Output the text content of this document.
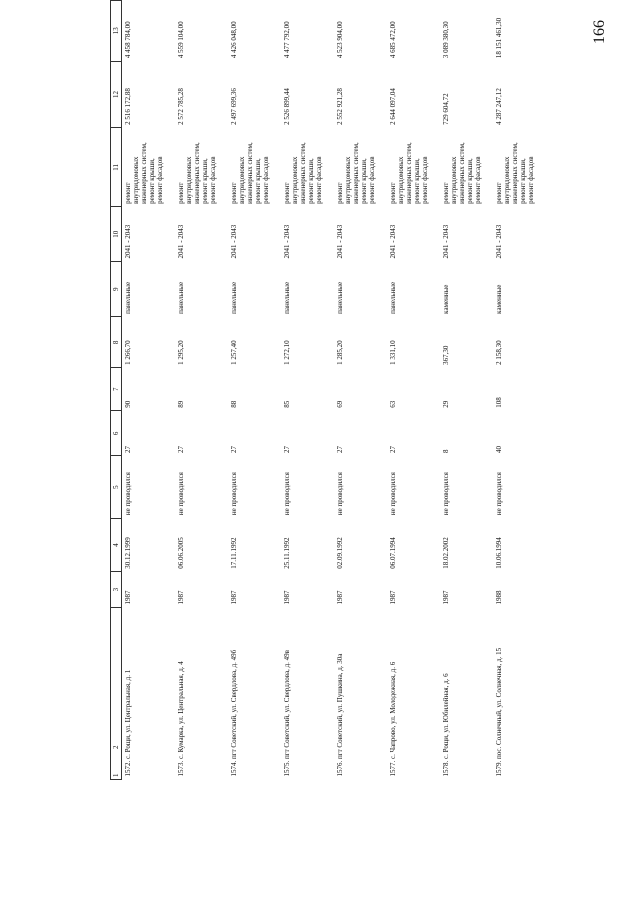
166
1              2	3	4	5	6	7	8	9	10	11	12	13
1572. с. Рощи, ул. Центральная, д. 1	1987	30.12.1999	не проводился	27	90	1 266,70	панельные	2041 - 2043	ремонт
внутридомовых
инженерных систем,
ремонт крыши,
ремонт фасадов	2 516 172,88	4 458 784,00
1573. с. Кумарка, ул. Центральная, д. 4	1987	06.06.2005	не проводился	27	89	1 295,20	панельные	2041 - 2043	ремонт
внутридомовых
инженерных систем,
ремонт крыши,
ремонт фасадов	2 572 785,28	4 559 104,00
1574. пгт Советский, ул. Свердлова, д. 49б	1987	17.11.1992	не проводился	27	88	1 257,40	панельные	2041 - 2043	ремонт
внутридомовых
инженерных систем,
ремонт крыши,
ремонт фасадов	2 497 699,36	4 426 048,00
1575. пгт Советский, ул. Свердлова, д. 49в	1987	25.11.1992	не проводился	27	85	1 272,10	панельные	2041 - 2043	ремонт
внутридомовых
инженерных систем,
ремонт крыши,
ремонт фасадов	2 526 899,44	4 477 792,00
1576. пгт Советский, ул. Пушкина, д. 30а	1987	02.09.1992	не проводился	27	69	1 285,20	панельные	2041 - 2043	ремонт
внутридомовых
инженерных систем,
ремонт крыши,
ремонт фасадов	2 552 921,28	4 523 904,00
1577. с. Чапрово, ул. Молодежная, д. 6	1987	06.07.1994	не проводился	27	63	1 331,10	панельные	2041 - 2043	ремонт
внутридомовых
инженерных систем,
ремонт крыши,
ремонт фасадов	2 644 097,04	4 685 472,00
1578. с. Рощи, ул. Юбилейная, д. 6	1987	18.02.2002	не проводился	8	29	367,30	каменные	2041 - 2043	ремонт
внутридомовых
инженерных систем,
ремонт крыши,
ремонт фасадов	729 604,72	3 089 380,30
1579. пос. Солнечный, ул. Солнечная, д. 15	1988	10.06.1994	не проводился	40	108	2 158,30	каменные	2041 - 2043	ремонт
внутридомовых
инженерных систем,
ремонт крыши,
ремонт фасадов	4 287 247,12	18 151 461,30
